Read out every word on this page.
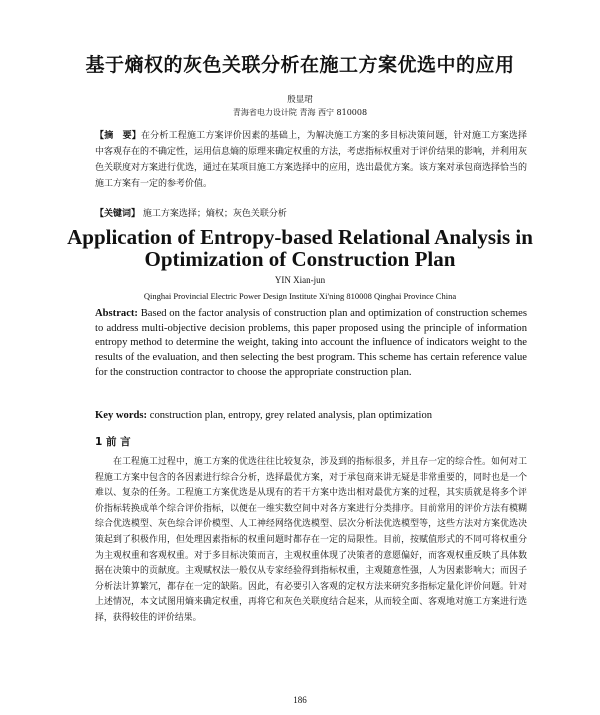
基于熵权的灰色关联分析在施工方案优选中的应用
殷显珺
青海省电力设计院 青海 西宁 810008
【摘　要】在分析工程施工方案评价因素的基础上，为解决施工方案的多目标决策问题，针对施工方案选择中客观存在的不确定性，运用信息熵的原理来确定权重的方法，考虑指标权重对于评价结果的影响，并利用灰色关联度对方案进行优选，通过在某项目施工方案选择中的应用，选出最优方案。该方案对承包商选择恰当的施工方案有一定的参考价值。
【关键词】 施工方案选择；熵权；灰色关联分析
Application of Entropy-based Relational Analysis in Optimization of Construction Plan
YIN Xian-jun
Qinghai Provincial Electric Power Design Institute Xi'ning 810008 Qinghai Province China
Abstract: Based on the factor analysis of construction plan and optimization of construction schemes to address multi-objective decision problems, this paper proposed using the principle of information entropy method to determine the weight, taking into account the influence of indicators weight to the results of the evaluation, and then selecting the best program. This scheme has certain reference value for the construction contractor to choose the appropriate construction plan.
Key words: construction plan, entropy, grey related analysis, plan optimization
1 前 言
在工程施工过程中，施工方案的优选往往比较复杂，涉及到的指标很多，并且存一定的综合性。如何对工程施工方案中包含的各因素进行综合分析，选择最优方案，对于承包商来讲无疑是非常重要的，同时也是一个难以、复杂的任务。工程施工方案优选是从现有的若干方案中选出相对最优方案的过程，其实质就是将多个评价指标转换成单个综合评价指标，以便在一维实数空间中对各方案进行分类排序。目前常用的评价方法有模糊综合优选模型、灰色综合评价模型、人工神经网络优选模型、层次分析法优选模型等，这些方法对方案优选决策起到了积极作用，但处理因素指标的权重问题时都存在一定的局限性。目前，按赋值形式的不同可将权重分为主观权重和客观权重。对于多目标决策而言，主观权重体现了决策者的意愿偏好，而客观权重反映了具体数据在决策中的贡献度。主观赋权法一般仅从专家经验得到指标权重，主观随意性强，人为因素影响大；而因子分析法计算繁冗，都存在一定的缺陷。因此，有必要引入客观的定权方法来研究多指标定量化评价问题。针对上述情况，本文试图用熵来确定权重，再将它和灰色关联度结合起来，从而较全面、客观地对施工方案进行选择，获得较佳的评价结果。
186
